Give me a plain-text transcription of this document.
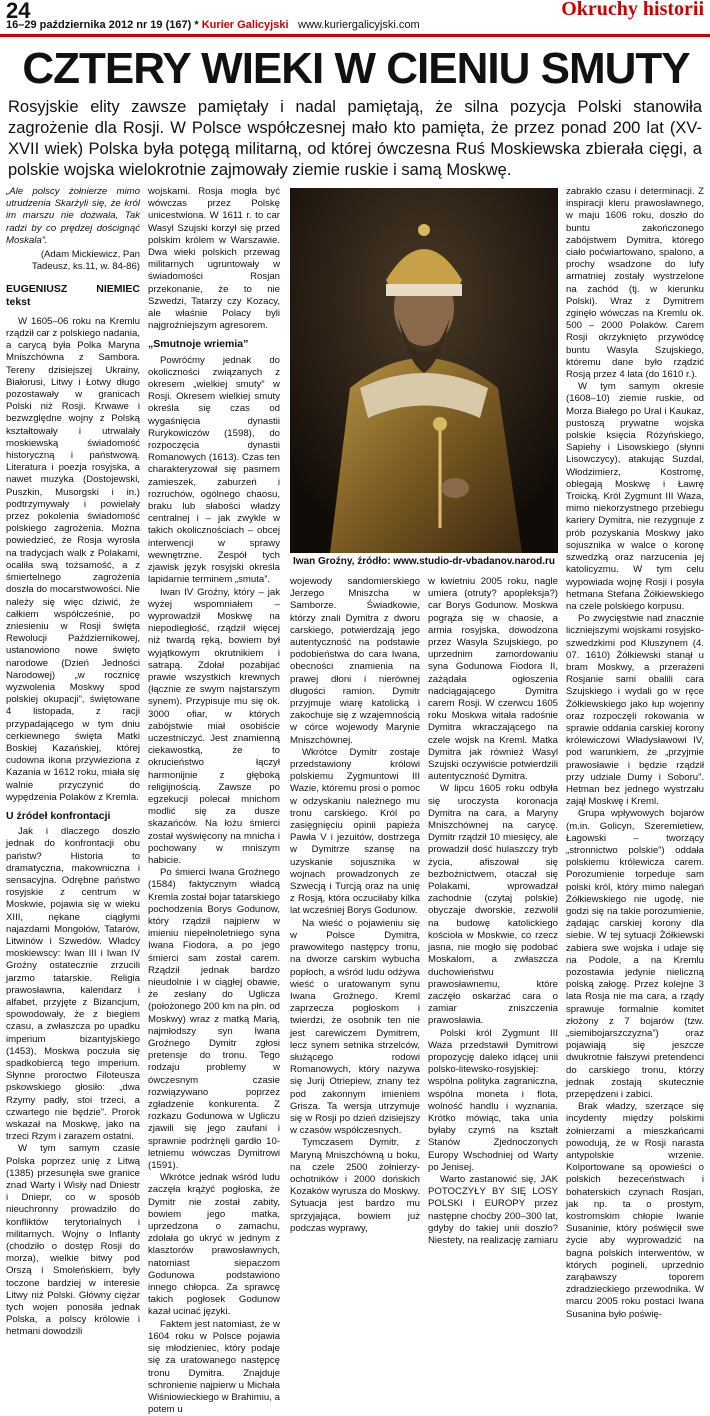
24
16–29 października 2012 nr 19 (167) * Kurier Galicyjski www.kuriergalicyjski.com
Okruchy historii
CZTERY WIEKI W CIENIU SMUTY
Rosyjskie elity zawsze pamiętały i nadal pamiętają, że silna pozycja Polski stanowiła zagrożenie dla Rosji. W Polsce współczesnej mało kto pamięta, że przez ponad 200 lat (XV-XVII wiek) Polska była potęgą militarną, od której ówczesna Ruś Moskiewska zbierała cięgi, a polskie wojska wielokrotnie zajmowały ziemie ruskie i samą Moskwę.
„Ale polscy żołnierze mimo utrudzenia Skarżyli się, że król im marszu nie dozwala, Tak radzi by co prędzej doścignąć Moskala”.
(Adam Mickiewicz, Pan Tadeusz, ks.11, w. 84-86)
EUGENIUSZ NIEMIEC tekst

W 1605–06 roku na Kremlu rządził car z polskiego nadania, a carycą była Polka Maryna Mniszchówna z Sambora. Tereny dzisiejszej Ukrainy, Białorusi, Litwy i Łotwy długo pozostawały w granicach Polski niż Rosji. Krwawe i bezwzględne wojny z Polską kształtowały i utrwalały moskiewską świadomość historyczną i państwową. Literatura i poezja rosyjska, a nawet muzyka (Dostojewski, Puszkin, Musorgski i in.) podtrzymywały i powielały przez pokolenia świadomość polskiego zagrożenia. Można powiedzieć, że Rosja wyrosła na tradycjach walk z Polakami, ocaliła swą tożsamość, a z śmiertelnego zagrożenia doszła do mocarstwowości. Nie należy się więc dziwić, że całkiem współcześnie, po zniesieniu w Rosji święta Rewolucji Październikowej, ustanowiono nowe święto narodowe (Dzień Jedności Narodowej) „w rocznicę wyzwolenia Moskwy spod polskiej okupacji”, świętowane 4 listopada, z racji przypadającego w tym dniu cerkiewnego święta Matki Boskiej Kazańskiej, której cudowna ikona przywieziona z Kazania w 1612 roku, miała się walnie przyczynić do wypędzenia Polaków z Kremla.

U źródeł konfrontacji

Jak i dlaczego doszło jednak do konfrontacji obu państw? Historia to dramatyczna, makowniczna i sensacyjna. Odrębne państwo rosyjskie z centrum w Moskwie, pojawia się w wieku XIII, nękane ciągłymi najazdami Mongołów, Tatarów, Litwinów i Szwedów. Władcy moskiewscy: Iwan III i Iwan IV Groźny ostatecznie zrzucili jarzmo tatarskie. Religia prawosławna, kalendarz i alfabet, przyjęte z Bizancjum, spowodowały, że z biegiem czasu, a zwłaszcza po upadku imperium bizantyjskiego (1453), Moskwa poczuła się spadkobiercą tego imperium. Słynne proroctwo Filoteusza pskowskiego głosiło: „dwa Rzymy padły, stoi trzeci, a czwartego nie będzie”. Prorok wskazał na Moskwę, jako na trzeci Rzym i zarazem ostatni.

W tym samym czasie Polska poprzez unię z Litwą (1385) przesunęła swe granice znad Warty i Wisły nad Dniestr i Dniepr, co w sposób nieuchronny prowadziło do konfliktów terytorialnych i militarnych. Wojny o Inflanty (chodziło o dostęp Rosji do morza), wielkie bitwy pod Orszą i Smoleńskiem, były toczone bardziej w interesie Litwy niż Polski. Główny ciężar tych wojen ponosiła jednak Polska, a polscy królowie i hetmani dowodzili

wojskami. Rosja mogła być wówczas przez Polskę unicestwiona. W 1611 r. to car Wasyl Szujski korzył się przed polskim królem w Warszawie. Dwa wieki polskich przewag militarnych ugruntowały w świadomości Rosjan przekonanie, że to nie Szwedzi, Tatarzy czy Kozacy, ale właśnie Polacy byli najgroźniejszym agresorem.

„Smutnoje wriemia”

Powróćmy jednak do okoliczności związanych z okresem „wielkiej smuty” w Rosji. Okresem wielkiej smuty określa się czas od wygaśnięcia dynastii Rurykowiczów (1598), do rozpoczęcia dynastii Romanowych (1613). Czas ten charakteryzował się pasmem zamieszek, zaburzeń i rozruchów, ogólnego chaosu, braku lub słabości władzy centralnej i – jak zwykle w takich okolicznościach – obcej interwencji w sprawy wewnętrzne. Zespół tych zjawisk język rosyjski określa lapidarnie terminem „smuta”.

Iwan IV Groźny, który – jak wyżej wspomniałem – wyprowadził Moskwę na niepodległość, rządził więcej niż twardą ręką, bowiem był wyjątkowym okrutnikiem i satrapą. Zdołał pozabijać prawie wszystkich krewnych (łącznie ze swym najstarszym synem). Przypisuje mu się ok. 3000 ofiar, w których zabójstwie miał osobiście uczestniczyć. Jest znamienną ciekawostką, że to okrucieństwo łączył harmonijnie z głęboką religijnością. Zawsze po egzekucji polecał mnichom modlić się za dusze skazańców. Na łożu śmierci został wyświęcony na mnicha i pochowany w mniszym habicie.

Po śmierci Iwana Groźnego (1584) faktycznym władcą Kremla został bojar tatarskiego pochodzenia Borys Godunow, który rządził najpierw w imieniu niepełnoletniego syna Iwana Fiodora, a po jego śmierci sam został carem. Rządził jednak bardzo nieudolnie i w ciągłej obawie, że zesłany do Uglicza (położonego 200 km na płn. od Moskwy) wraz z matką Marią, najmłodszy syn Iwana Groźnego Dymitr zgłosi pretensje do tronu. Tego rodzaju problemy w ówczesnym czasie rozwiązywano poprzez zgładzenie konkurenta. Z rozkazu Godunowa w Ugliczu zjawili się jego zaufani i sprawnie podrżnęli gardło 10-letniemu wówczas Dymitrowi (1591).

Wkrótce jednak wśród ludu zaczęła krążyć pogłoska, że Dymitr nie został zabity, bowiem jego matka, uprzedzona o zamachu, zdołała go ukryć w jednym z klasztorów prawosławnych, natomiast siepaczom Godunowa podstawiono innego chłopca. Za sprawcę takich pogłosek Godunow kazał ucinać języki.

Faktem jest natomiast, że w 1604 roku w Polsce pojawia się młodzieniec, który podaje się za uratowanego następcę tronu Dymitra. Znajduje schronienie najpierw u Michała Wiśniowieckiego w Brahimiu, a potem u

Iwan Groźny, źródło: www.studio-dr-vbadanov.narod.ru

wojewody sandomierskiego Jerzego Mniszcha w Samborze. Świadkowie, którzy znali Dymitra z dworu carskiego, potwierdzają jego autentyczność na podstawie podobieństwa do cara Iwana, obecności znamienia na prawej dłoni i nierównej długości ramion. Dymitr przyjmuje wiarę katolicką i zakochuje się z wzajemnością w córce wojewody Marynie Mniszchównej.

Wkrótce Dymitr zostaje przedstawiony królowi polskiemu Zygmuntowi III Wazie, któremu prosi o pomoc w odzyskaniu należnego mu tronu carskiego. Król po zasięgnięciu opinii papieża Pawła V i jezuitów, dostrzega w Dymitrze szansę na uzyskanie sojusznika w wojnach prowadzonych ze Szwecją i Turcją oraz na unię z Rosją, która oczuciłaby kilka lat wcześniej Borys Godunow.

Na wieść o pojawieniu się w Polsce Dymitra, prawowitego następcy tronu, na dworze carskim wybucha popłoch, a wśród ludu odżywa wieść o uratowanym synu Iwana Groźnego. Kreml zaprzecza pogłoskom i twierdzi, że osobnik ten nie jest carewiczem Dymitrem, lecz synem setnika strzelców, służącego rodowi Romanowych, który nazywa się Jurij Otriepiew, znany też pod zakonnym imieniem Grisza. Ta wersja utrzymuje się w Rosji po dzień dzisiejszy w czasów współczesnych.

Tymczasem Dymitr, z Maryną Mniszchówną u boku, na czele 2500 żołnierzy-ochotników i 2000 dońskich Kozaków wyrusza do Moskwy. Sytuacja jest bardzo mu sprzyjająca, bowiem już podczas wyprawy,

w kwietniu 2005 roku, nagle umiera (otruty? apopleksja?) car Borys Godunow. Moskwa pogrąża się w chaosie, a armia rosyjska, dowodzona przez Wasyla Szujskiego, po uprzednim zamordowaniu syna Godunowa Fiodora II, zażądała ogłoszenia nadciągającego Dymitra carem Rosji. W czerwcu 1605 roku Moskwa witała radośnie Dymitra wkraczającego na czele wojsk na Kreml. Matka Dymitra jak również Wasyl Szujski oczywiście potwierdzili autentyczność Dymitra.

W lipcu 1605 roku odbyła się uroczysta koronacja Dymitra na cara, a Maryny Mniszchównej na carycę. Dymitr rządził 10 miesięcy, ale prowadził dość hulaszczy tryb życia, afiszował się bezbożnictwem, otaczał się Polakami, wprowadzał zachodnie (czytaj polskie) obyczaje dworskie, zezwolił na budowę katolickiego kościoła w Moskwie, co rzecz jasna, nie mogło się podobać Moskalom, a zwłaszcza duchowieństwu prawosławnemu, które zaczęło oskarżać cara o zamiar zniszczenia prawosławia.

Polski król Zygmunt III Waza przedstawił Dymitrowi propozycję daleko idącej unii polsko-litewsko-rosyjskiej: wspólna polityka zagraniczna, wspólna moneta i flota, wolność handlu i wyznania. Krótko mówiąc, taka unia byłaby czymś na kształt Stanów Zjednoczonych Europy Wschodniej od Warty po Jenisej.

Warto zastanowić się, JAK POTOCZYŁY BY SIĘ LOSY POLSKI I EUROPY przez następne choćby 200–300 lat, gdyby do takiej unii doszło? Niestety, na realizację zamiaru

zabrakło czasu i determinacji. Z inspiracji kleru prawosławnego, w maju 1606 roku, doszło do buntu zakończonego zabójstwem Dymitra, którego ciało poćwiartowano, spalono, a prochy wsadzone do lufy armatniej zostały wystrzelone na zachód (tj. w kierunku Polski). Wraz z Dymitrem zginęło wówczas na Kremlu ok. 500 – 2000 Polaków. Carem Rosji okrzyknięto przywódcę buntu Wasyla Szujskiego, któremu dane było rządzić Rosją przez 4 lata (do 1610 r.).

W tym samym okresie (1608–10) ziemie ruskie, od Morza Białego po Ural i Kaukaz, pustoszą prywatne wojska polskie księcia Różyńskiego, Sapiehy i Lisowskiego (słynni Lisowczycy), atakując Suzdal, Włodzimierz, Kostromę, oblegają Moskwę i Ławrę Troicką. Król Zygmunt III Waza, mimo niekorzystnego przebiegu kariery Dymitra, nie rezygnuje z prób pozyskania Moskwy jako sojusznika w walce o koronę szwedzką oraz narzucenia jej katolicyzmu. W tym celu wypowiada wojnę Rosji i posyła hetmana Stefana Żółkiewskiego na czele polskiego korpusu.

Po zwycięstwie nad znacznie liczniejszymi wojskami rosyjsko-szwedzkimi pod Kłuszynem (4. 07. 1610) Żółkiewski stanął u bram Moskwy, a przerażeni Rosjanie sami obalili cara Szujskiego i wydali go w ręce Żółkiewskiego jako łup wojenny oraz rozpoczęli rokowania w sprawie oddania carskiej korony królewiczowi Władysławowi IV, pod warunkiem, że „przyjmie prawosławie i będzie rządził przy udziale Dumy i Soboru”. Hetman bez jednego wystrzału zajął Moskwę i Kreml.

Grupa wpływowych bojarów (m.in. Golicyn, Szeremietiew, Łagowski – tworzący „stronnictwo polskie”) oddała polskiemu królewicza carem. Porozumienie torpeduje sam polski król, który mimo nalegań Żółkiewskiego nie ugodę, nie godzi się na takie porozumienie, żądając carskiej korony dla siebie. W tej sytuacji Żółkiewski zabiera swe wojska i udaje się na Podole, a na Kremlu pozostawia jedynie nieliczną polską załogę. Przez kolejne 3 lata Rosja nie ma cara, a rządy sprawuje formalnie komitet złożony z 7 bojarów (tzw. „siemibojarszczyzna”) oraz pojawiają się jeszcze dwukrotnie fałszywi pretendenci do carskiego tronu, którzy jednak zostają skutecznie przepędzeni i zabici.

Brak władzy, szerzące się incydenty między polskimi żołnierzami a mieszkańcami powodują, że w Rosji narasta antypolskie wrzenie. Kolportowane są opowieści o polskich bezeceństwach i bohaterskich czynach Rosjan, jak np. ta o prostym, kostromskim chłopie Iwanie Susaninie, który poświęcił swe życie aby wyprowadzić na bagna polskich interwentów, w których pogineli, uprzednio zarąbawszy toporem zdradzieckiego przewodnika. W marcu 2005 roku postaci Iwana Susanina było poświę-
